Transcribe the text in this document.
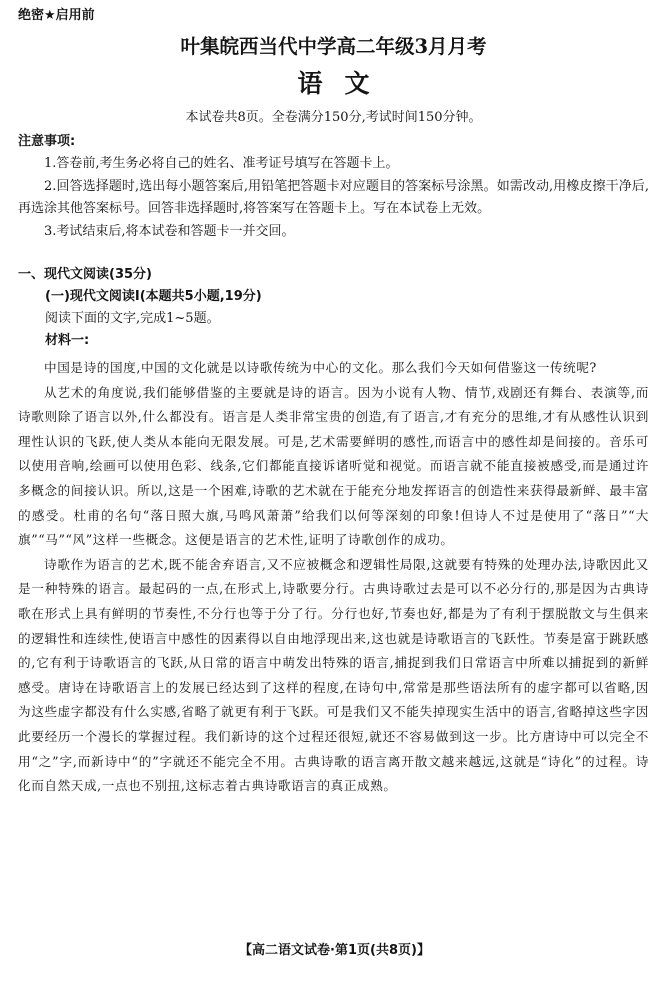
绝密★启用前
叶集皖西当代中学高二年级3月月考
语文
本试卷共8页。全卷满分150分,考试时间150分钟。
注意事项:

1.答卷前,考生务必将自己的姓名、准考证号填写在答题卡上。

2.回答选择题时,选出每小题答案后,用铅笔把答题卡对应题目的答案标号涂黑。如需改动,用橡皮擦干净后,再选涂其他答案标号。回答非选择题时,将答案写在答题卡上。写在本试卷上无效。

3.考试结束后,将本试卷和答题卡一并交回。

一、现代文阅读(35分)
(一)现代文阅读Ⅰ(本题共5小题,19分)
阅读下面的文字,完成1~5题。
材料一:

中国是诗的国度,中国的文化就是以诗歌传统为中心的文化。那么我们今天如何借鉴这一传统呢?

从艺术的角度说,我们能够借鉴的主要就是诗的语言。因为小说有人物、情节,戏剧还有舞台、表演等,而诗歌则除了语言以外,什么都没有。语言是人类非常宝贵的创造,有了语言,才有充分的思维,才有从感性认识到理性认识的飞跃,使人类从本能向无限发展。可是,艺术需要鲜明的感性,而语言中的感性却是间接的。音乐可以使用音响,绘画可以使用色彩、线条,它们都能直接诉诸听觉和视觉。而语言就不能直接被感受,而是通过许多概念的间接认识。所以,这是一个困难,诗歌的艺术就在于能充分地发挥语言的创造性来获得最新鲜、最丰富的感受。杜甫的名句“落日照大旗,马鸣风萧萧”给我们以何等深刻的印象!但诗人不过是使用了“落日”“大旗”“马”“风”这样一些概念。这便是语言的艺术性,证明了诗歌创作的成功。

诗歌作为语言的艺术,既不能舍弃语言,又不应被概念和逻辑性局限,这就要有特殊的处理办法,诗歌因此又是一种特殊的语言。最起码的一点,在形式上,诗歌要分行。古典诗歌过去是可以不必分行的,那是因为古典诗歌在形式上具有鲜明的节奏性,不分行也等于分了行。分行也好,节奏也好,都是为了有利于摆脱散文与生俱来的逻辑性和连续性,使语言中感性的因素得以自由地浮现出来,这也就是诗歌语言的飞跃性。节奏是富于跳跃感的,它有利于诗歌语言的飞跃,从日常的语言中萌发出特殊的语言,捕捉到我们日常语言中所难以捕捉到的新鲜感受。唐诗在诗歌语言上的发展已经达到了这样的程度,在诗句中,常常是那些语法所有的虚字都可以省略,因为这些虚字都没有什么实感,省略了就更有利于飞跃。可是我们又不能失掉现实生活中的语言,省略掉这些字因此要经历一个漫长的掌握过程。我们新诗的这个过程还很短,就还不容易做到这一步。比方唐诗中可以完全不用“之”字,而新诗中“的”字就还不能完全不用。古典诗歌的语言离开散文越来越远,这就是“诗化”的过程。诗化而自然天成,一点也不别扭,这标志着古典诗歌语言的真正成熟。

【高二语文试卷·第1页(共8页)】
